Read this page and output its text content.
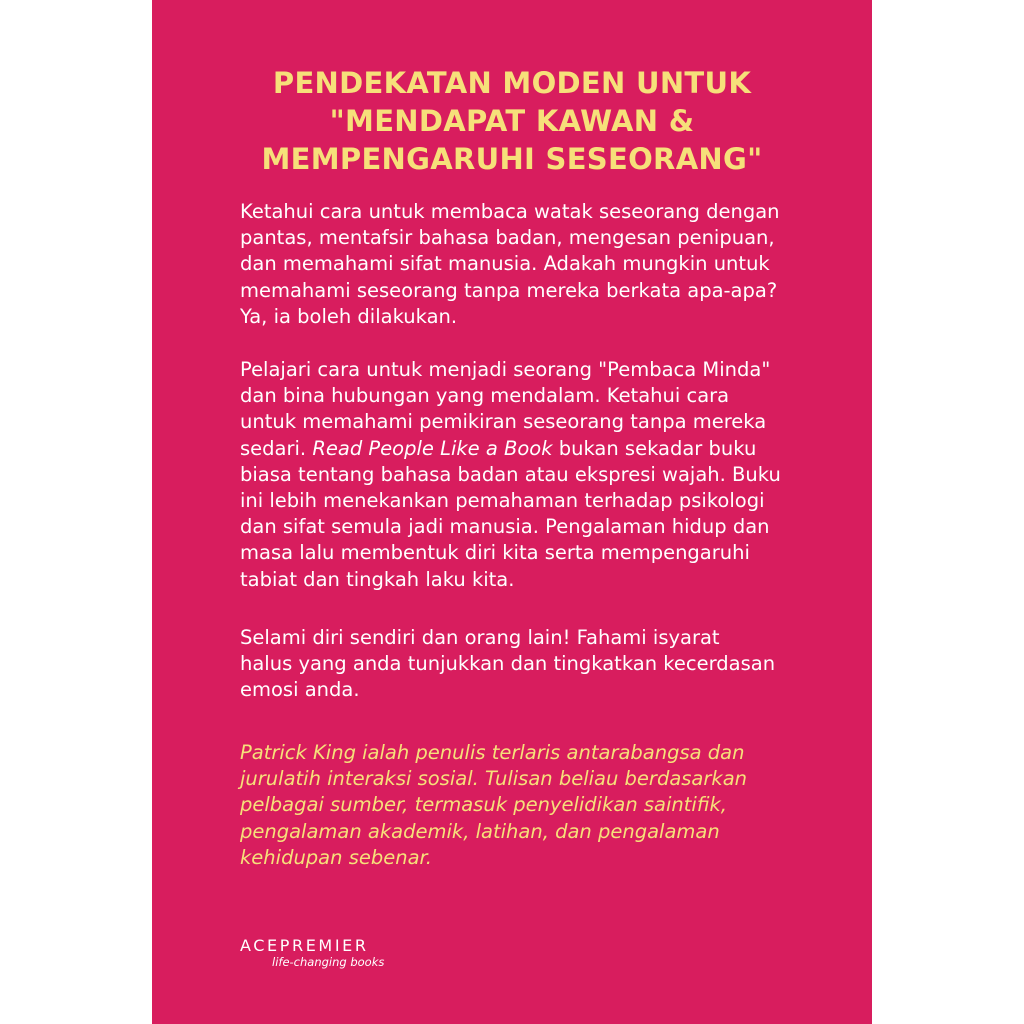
PENDEKATAN MODEN UNTUK
"MENDAPAT KAWAN &
MEMPENGARUHI SESEORANG"
Ketahui cara untuk membaca watak seseorang dengan
pantas, mentafsir bahasa badan, mengesan penipuan,
dan memahami sifat manusia. Adakah mungkin untuk
memahami seseorang tanpa mereka berkata apa-apa?
Ya, ia boleh dilakukan.
Pelajari cara untuk menjadi seorang "Pembaca Minda"
dan bina hubungan yang mendalam. Ketahui cara
untuk memahami pemikiran seseorang tanpa mereka
sedari. Read People Like a Book bukan sekadar buku
biasa tentang bahasa badan atau ekspresi wajah. Buku
ini lebih menekankan pemahaman terhadap psikologi
dan sifat semula jadi manusia. Pengalaman hidup dan
masa lalu membentuk diri kita serta mempengaruhi
tabiat dan tingkah laku kita.
Selami diri sendiri dan orang lain! Fahami isyarat
halus yang anda tunjukkan dan tingkatkan kecerdasan
emosi anda.
Patrick King ialah penulis terlaris antarabangsa dan
jurulatih interaksi sosial. Tulisan beliau berdasarkan
pelbagai sumber, termasuk penyelidikan saintifik,
pengalaman akademik, latihan, dan pengalaman
kehidupan sebenar.
ACEPREMIER
life-changing books
